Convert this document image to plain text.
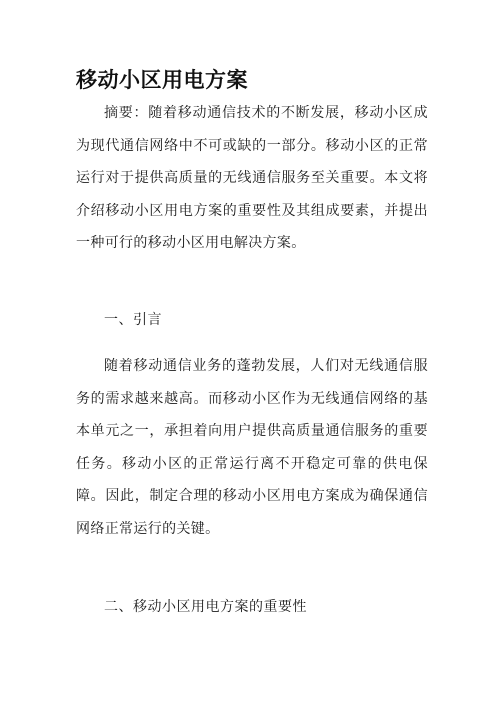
移动小区用电方案

摘要：随着移动通信技术的不断发展，移动小区成为现代通信网络中不可或缺的一部分。移动小区的正常运行对于提供高质量的无线通信服务至关重要。本文将介绍移动小区用电方案的重要性及其组成要素，并提出一种可行的移动小区用电解决方案。

一、引言

随着移动通信业务的蓬勃发展，人们对无线通信服务的需求越来越高。而移动小区作为无线通信网络的基本单元之一，承担着向用户提供高质量通信服务的重要任务。移动小区的正常运行离不开稳定可靠的供电保障。因此，制定合理的移动小区用电方案成为确保通信网络正常运行的关键。

二、移动小区用电方案的重要性
